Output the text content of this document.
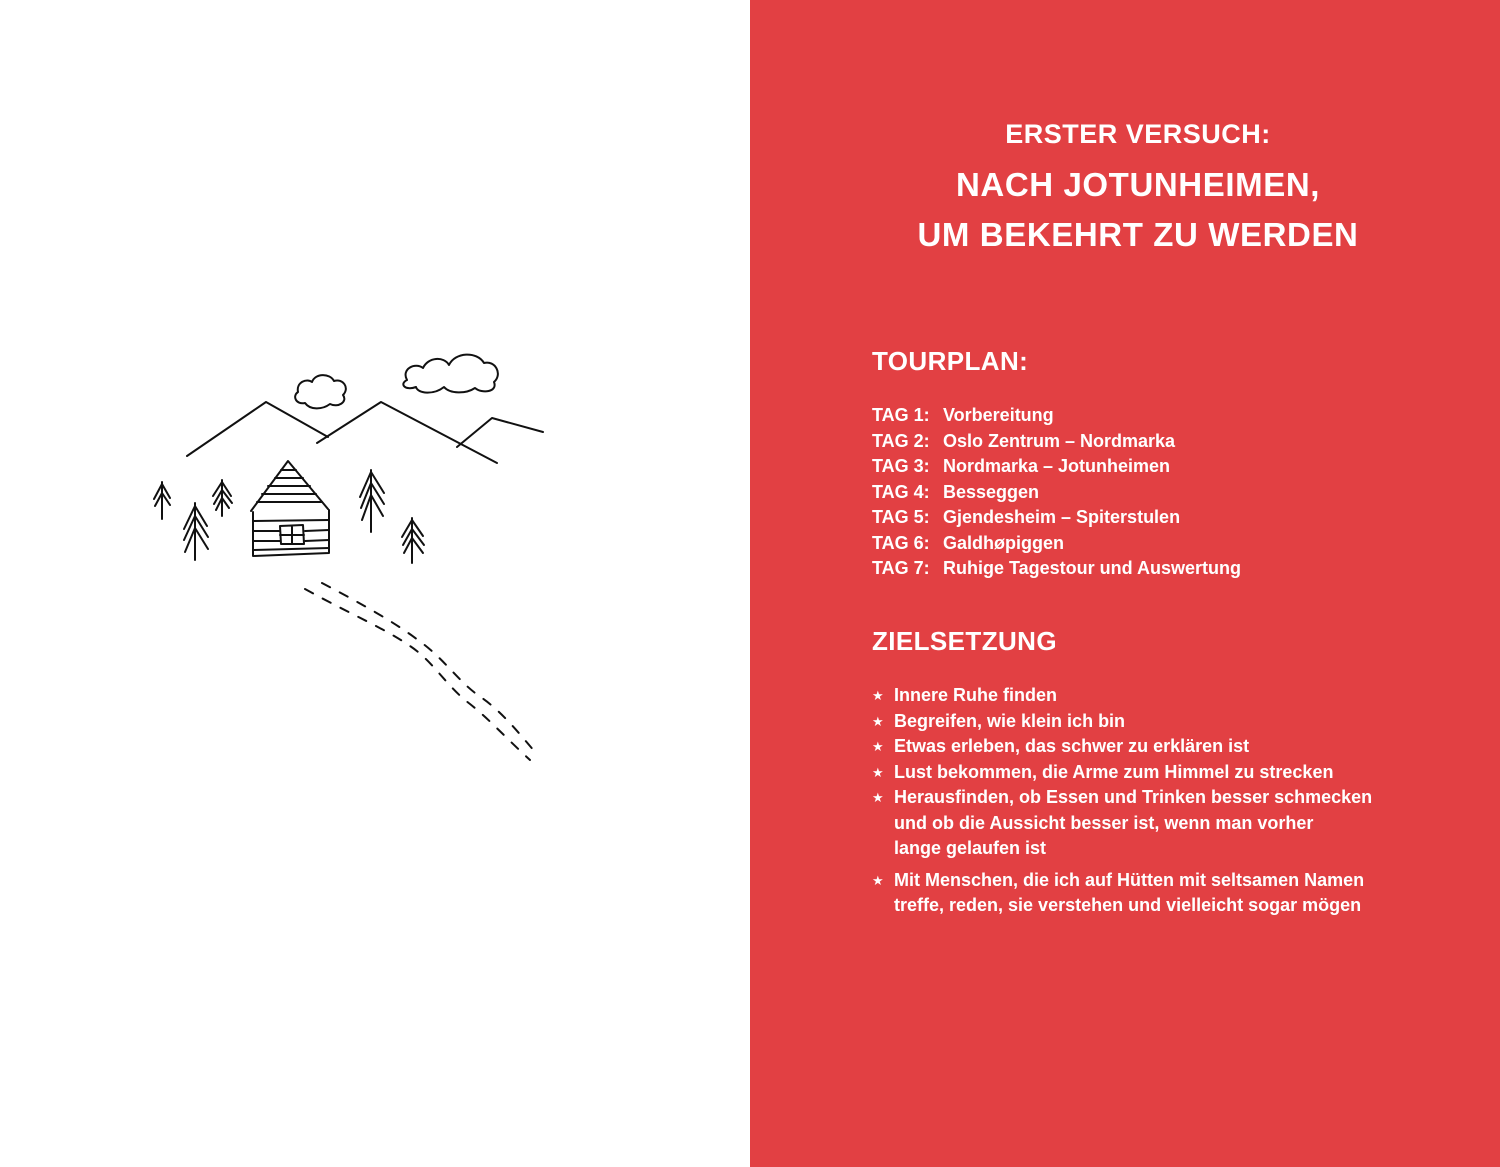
ERSTER VERSUCH:
NACH JOTUNHEIMEN,
UM BEKEHRT ZU WERDEN
TOURPLAN:
TAG 1: Vorbereitung
TAG 2: Oslo Zentrum – Nordmarka
TAG 3: Nordmarka – Jotunheimen
TAG 4: Besseggen
TAG 5: Gjendesheim – Spiterstulen
TAG 6: Galdhøpiggen
TAG 7: Ruhige Tagestour und Auswertung
ZIELSETZUNG
★ Innere Ruhe finden
★ Begreifen, wie klein ich bin
★ Etwas erleben, das schwer zu erklären ist
★ Lust bekommen, die Arme zum Himmel zu strecken
★ Herausfinden, ob Essen und Trinken besser schmecken
und ob die Aussicht besser ist, wenn man vorher
lange gelaufen ist
★ Mit Menschen, die ich auf Hütten mit seltsamen Namen
treffe, reden, sie verstehen und vielleicht sogar mögen
